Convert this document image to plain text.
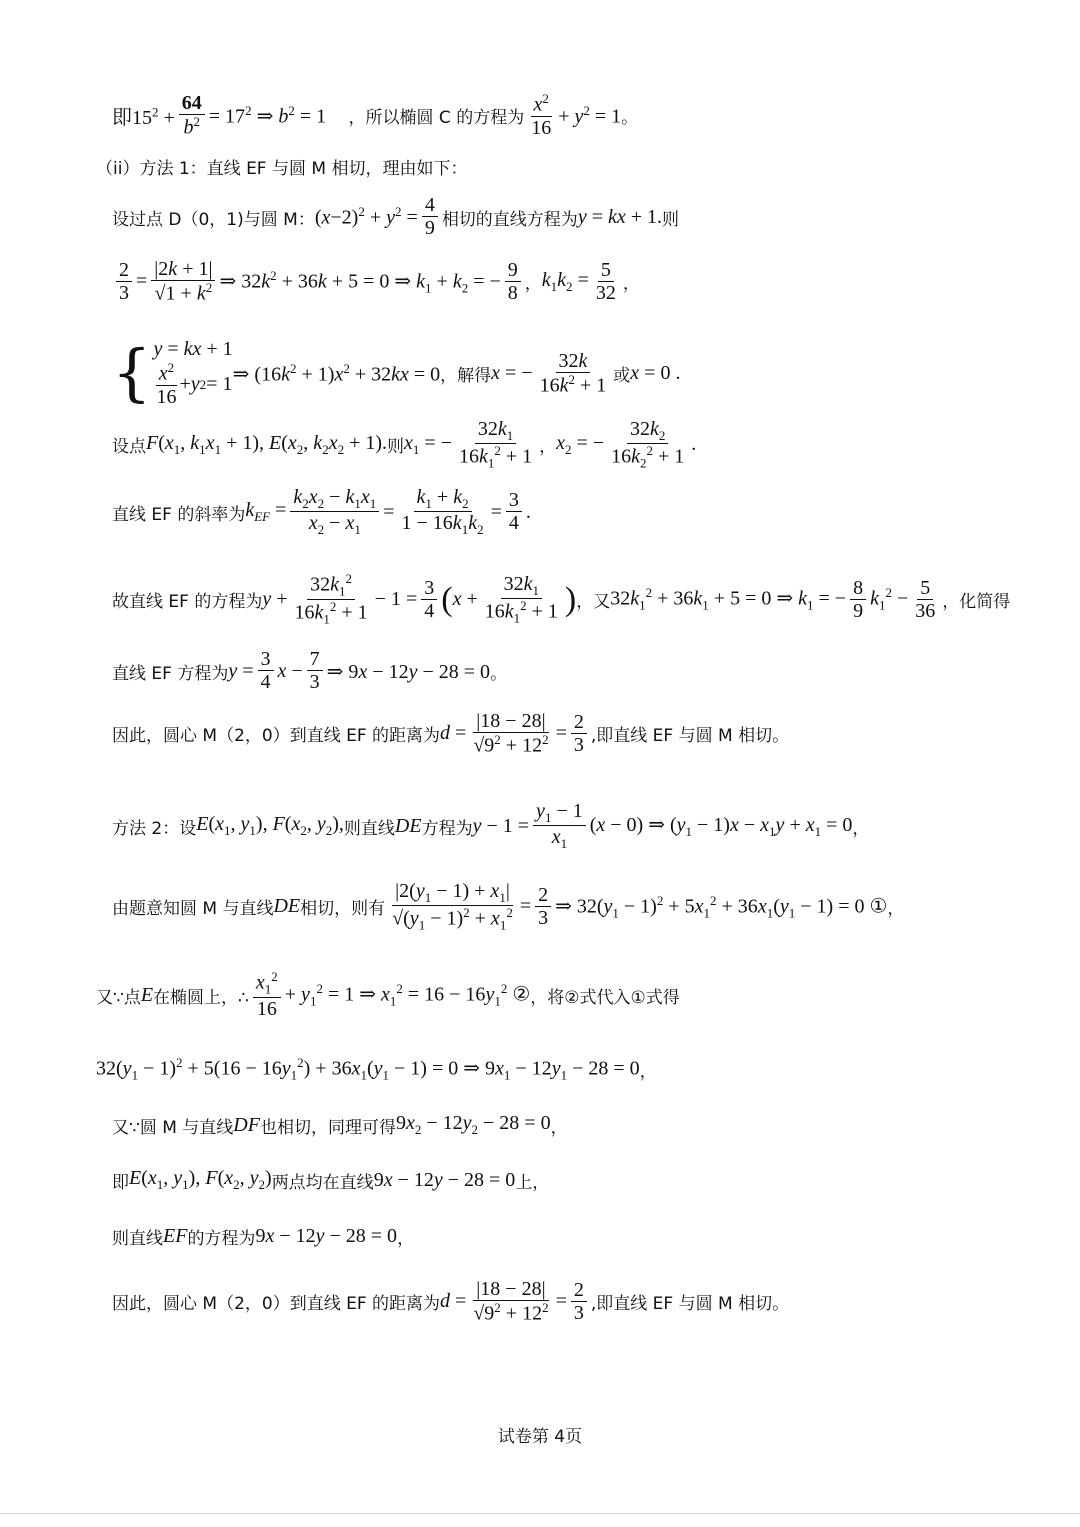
即$15^2 + \frac{64}{b^2} = 17^2$ ⇒ $b^2 = 1$ 　 ，所以椭圆 C 的方程为
$x^2$
$16 + y^2 = 1$ 。
（ii）方法 1：直线 EF 与圆 M 相切，理由如下：
设过点 D（0，1)与圆 M： $(x-2)^2 + y^2 = \frac{4}{9}$ 相切的直线方程为 y = kx + 1. 则
$\frac{2}{3} = \frac{|2k + 1|}{√1 + k^2}$ ⇒ $32k^2 + 36k + 5 = 0$ ⇒ $k_1 + k_2$ = − $\frac{9}{8}$ ， $k_1k_2 = \frac{5}{32}$ ，
{ y = kx + 1
$x^2$
16
+ y 2 = 1 ⇒ $(16k^2 + 1)x^2 + 32kx = 0$ ，解得 x = − $\frac{32k}{16k^2 + 1}$ 或 x = 0 .
设点 $F(x_1$, $k_1x_1 + 1$), $E(x_2$, $k_2x_2 + 1$). 则 $x_1$ = − $\frac{32k_1}{16k_1^2 + 1}$ ， $x_2$ = − $\frac{32k_2}{16k_2^2 + 1}$ .
直线 EF 的斜率为 $k_{EF} = \frac{k_2x_2 - k_1x_1}{x_2 - x_1} = \frac{k_1 + k_2}{1 - 16k_1k_2} = \frac{3}{4}$ .
故直线 EF 的方程为 $y + \frac{32k_1^2}{16k_1^2 + 1} - 1 = \frac{3}{4}$ ( $x + \frac{32k_1}{16k_1^2 + 1}$ ) ，又 $32k_1^2 + 36k_1 + 5 = 0$ ⇒ $k_1$ = − $\frac{8}{9} k_1^2 - \frac{5}{36}$ ，化简得
直线 EF 方程为 $y = \frac{3}{4}$ $x - \frac{7}{3}$ ⇒ 9x − 12y − 28 = 0 。
因此，圆心 M（2，0）到直线 EF 的距离为 $d = \frac{|18 - 28|}{√9^2 + 12^2} = \frac{2}{3}$ ,即直线 EF 与圆 M 相切。
方法 2：设 $E(x_1$, $y_1$), $F(x_2$, $y_2$), 则直线 DE 方程为 $y - 1 = \frac{y_1 - 1}{x_1} (x - 0)$ ⇒ $(y_1 - 1)x - x_1y + x_1 = 0$ ，
由题意知圆 M 与直线 DE 相切，则有 $\frac{|2(y_1 - 1) + x_1|}{√(y_1 - 1)^2 + x_1^2} = \frac{2}{3}$ ⇒ $32(y_1 - 1)^2 + 5x_1^2 + 36x_1(y_1 - 1) = 0$ ① ，
又∵点 E 在椭圆上，∴
$x_1^2$
16
+ $y_1^2 = 1$ ⇒ $x_1^2 = 16 - 16y_1^2$ ② ，将②式代入①式得
$32(y_1 - 1)^2 + 5(16 - 16y_1^2) + 36x_1(y_1 - 1) = 0$ ⇒ $9x_1 - 12y_1 - 28 = 0$ ，
又∵圆 M 与直线 DF 也相切，同理可得 $9x_2 - 12y_2 - 28 = 0$ ，
即 $E(x_1$, $y_1$), $F(x_2$, $y_2$) 两点均在直线 9x − 12y − 28 = 0 上，
则直线 EF 的方程为 9x − 12y − 28 = 0 ，
因此，圆心 M（2，0）到直线 EF 的距离为 $d = \frac{|18 - 28|}{√9^2 + 12^2} = \frac{2}{3}$ ,即直线 EF 与圆 M 相切。
试卷第 4页
